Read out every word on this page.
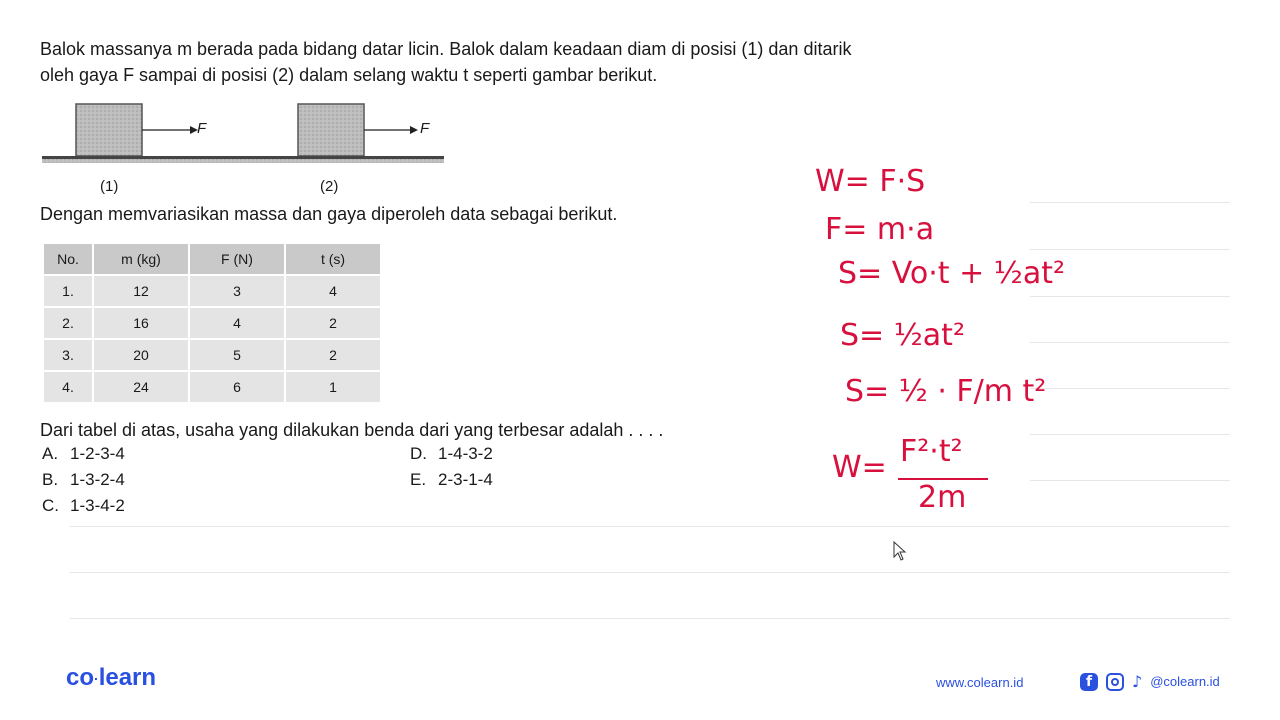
Balok massanya m berada pada bidang datar licin. Balok dalam keadaan diam di posisi (1) dan ditarik

oleh gaya F sampai di posisi (2) dalam selang waktu t seperti gambar berikut.

F	F
(1)	(2)
Dengan memvariasikan massa dan gaya diperoleh data sebagai berikut.
No.	m (kg)	F (N)	t (s)
1.	12	3	4
2.	16	4	2
3.	20	5	2
4.	24	6	1
Dari tabel di atas, usaha yang dilakukan benda dari yang terbesar adalah . . . .
A. 1-2-3-4
B. 1-3-2-4
C. 1-3-4-2
D. 1-4-3-2
E. 2-3-1-4
W= F·S
F= m·a
S= Vo·t + ½at²
S= ½at²
S= ½ · F/m t²
W= F²·t²
2m
co·learn	www.colearn.id	f ♪ @colearn.id
